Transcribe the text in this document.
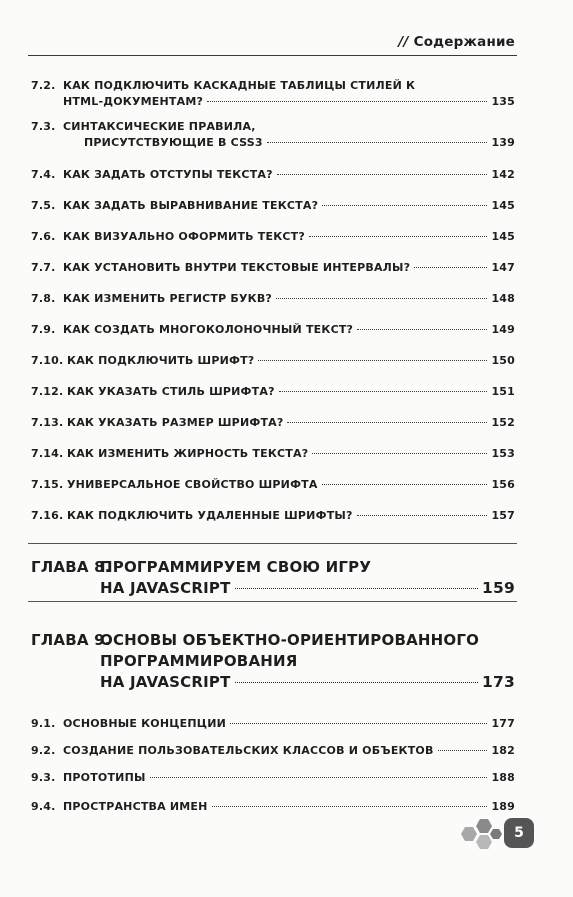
// Содержание
7.2. КАК ПОДКЛЮЧИТЬ КАСКАДНЫЕ ТАБЛИЦЫ СТИЛЕЙ К
HTML-ДОКУМЕНТАМ?	135
7.3. СИНТАКСИЧЕСКИЕ ПРАВИЛА,
ПРИСУТСТВУЮЩИЕ В CSS3	139
7.4. КАК ЗАДАТЬ ОТСТУПЫ ТЕКСТА?	142
7.5. КАК ЗАДАТЬ ВЫРАВНИВАНИЕ ТЕКСТА?	145
7.6. КАК ВИЗУАЛЬНО ОФОРМИТЬ ТЕКСТ?	145
7.7. КАК УСТАНОВИТЬ ВНУТРИ ТЕКСТОВЫЕ ИНТЕРВАЛЫ?	147
7.8. КАК ИЗМЕНИТЬ РЕГИСТР БУКВ?	148
7.9. КАК СОЗДАТЬ МНОГОКОЛОНОЧНЫЙ ТЕКСТ?	149
7.10. КАК ПОДКЛЮЧИТЬ ШРИФТ?	150
7.12. КАК УКАЗАТЬ СТИЛЬ ШРИФТА?	151
7.13. КАК УКАЗАТЬ РАЗМЕР ШРИФТА?	152
7.14. КАК ИЗМЕНИТЬ ЖИРНОСТЬ ТЕКСТА?	153
7.15. УНИВЕРСАЛЬНОЕ СВОЙСТВО ШРИФТА	156
7.16. КАК ПОДКЛЮЧИТЬ УДАЛЕННЫЕ ШРИФТЫ?	157
ГЛАВА 8.
ПРОГРАММИРУЕМ СВОЮ ИГРУ
НА JAVASCRIPT	159
ГЛАВА 9.
ОСНОВЫ ОБЪЕКТНО-ОРИЕНТИРОВАННОГО
ПРОГРАММИРОВАНИЯ
НА JAVASCRIPT	173
9.1. ОСНОВНЫЕ КОНЦЕПЦИИ	177
9.2. СОЗДАНИЕ ПОЛЬЗОВАТЕЛЬСКИХ КЛАССОВ И ОБЪЕКТОВ	182
9.3. ПРОТОТИПЫ	188
9.4. ПРОСТРАНСТВА ИМЕН	189
5
